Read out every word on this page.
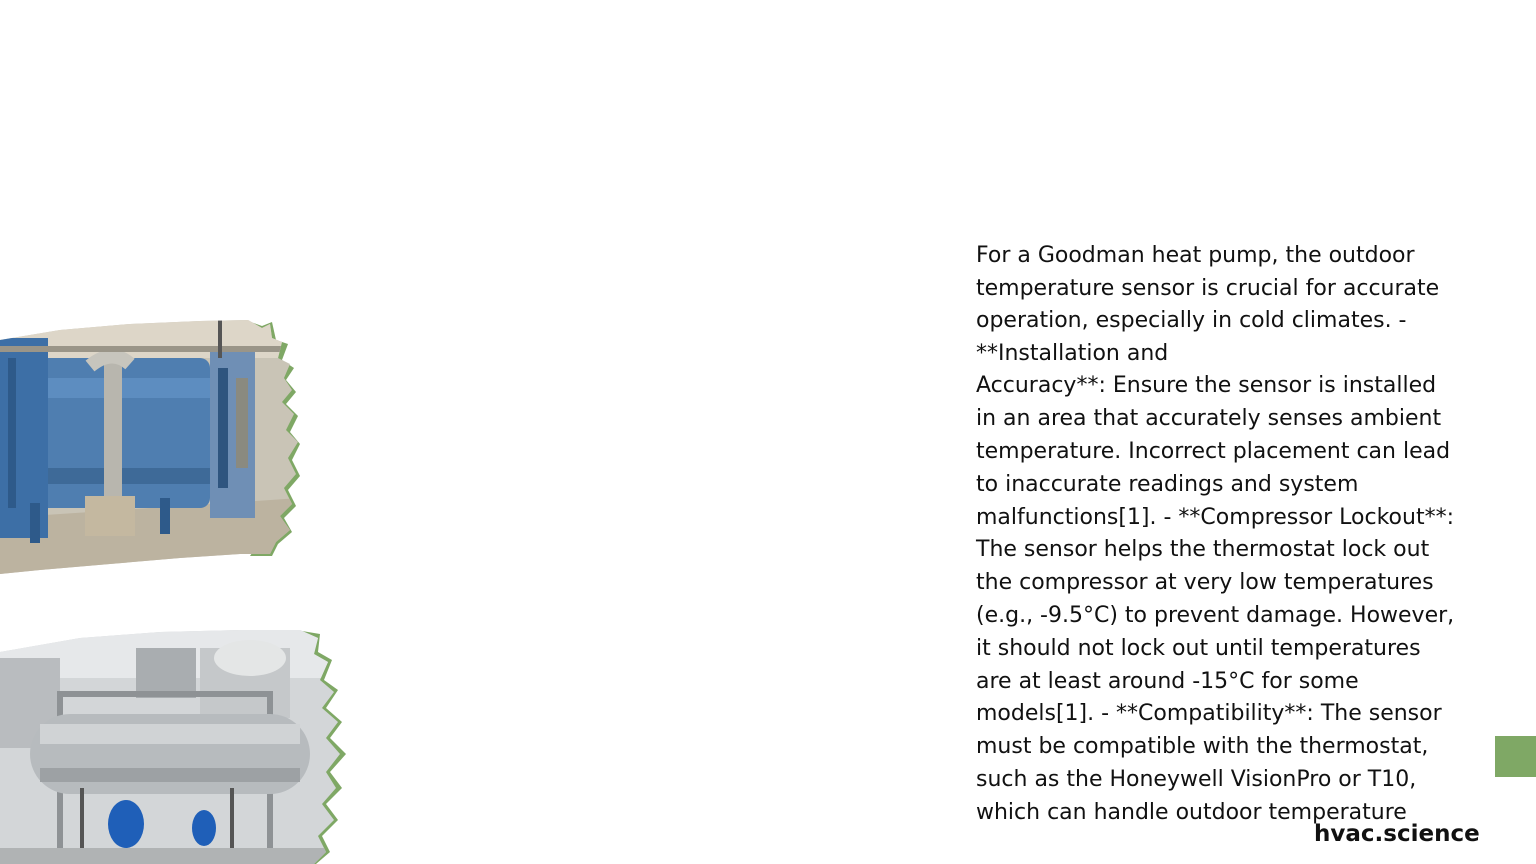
For a Goodman heat pump, the outdoor temperature sensor is crucial for accurate operation, especially in cold climates. - **Installation and

Accuracy**: Ensure the sensor is installed in an area that accurately senses ambient temperature. Incorrect placement can lead to inaccurate readings and system malfunctions[1]. - **Compressor Lockout**: The sensor helps the thermostat lock out the compressor at very low temperatures (e.g., -9.5°C) to prevent damage. However, it should not lock out until temperatures are at least around -15°C for some models[1]. - **Compatibility**: The sensor must be compatible with the thermostat, such as the Honeywell VisionPro or T10, which can handle outdoor temperature

hvac.science
